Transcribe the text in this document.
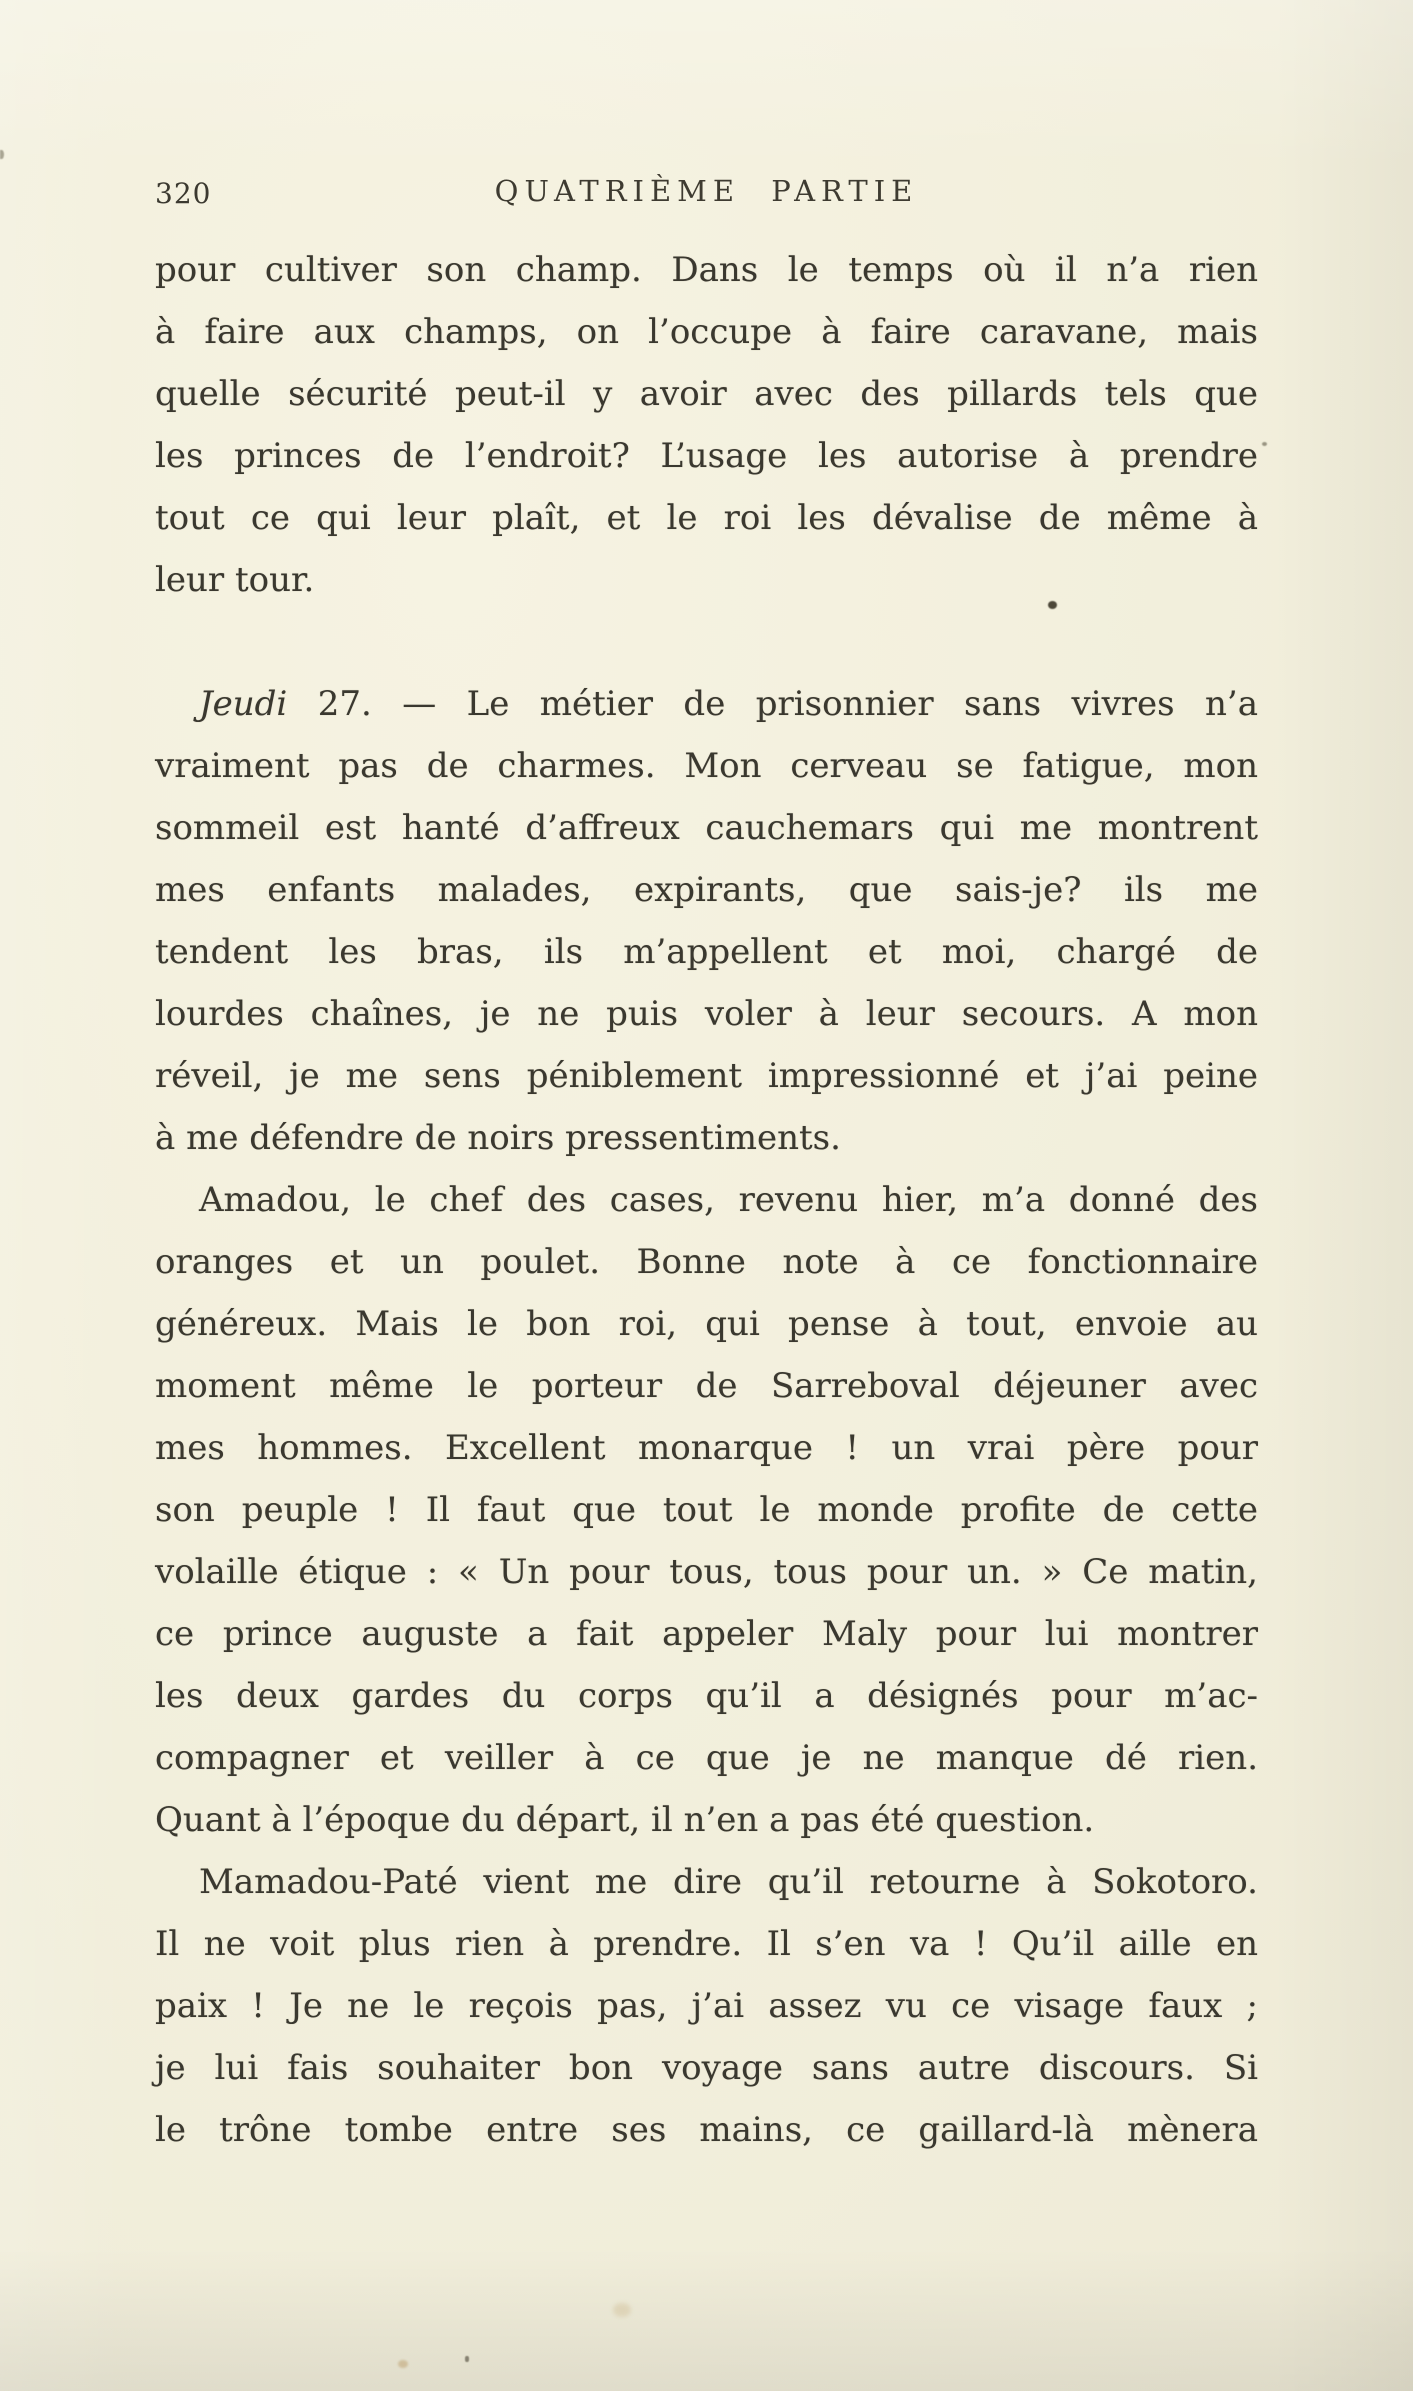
320	QUATRIÈME PARTIE
pour cultiver son champ. Dans le temps où il n’a rien
à faire aux champs, on l’occupe à faire caravane, mais
quelle sécurité peut-il y avoir avec des pillards tels que
les princes de l’endroit? L’usage les autorise à prendre
tout ce qui leur plaît, et le roi les dévalise de même à
leur tour.
Jeudi 27. — Le métier de prisonnier sans vivres n’a
vraiment pas de charmes. Mon cerveau se fatigue, mon
sommeil est hanté d’affreux cauchemars qui me montrent
mes enfants malades, expirants, que sais-je? ils me
tendent les bras, ils m’appellent et moi, chargé de
lourdes chaînes, je ne puis voler à leur secours. A mon
réveil, je me sens péniblement impressionné et j’ai peine
à me défendre de noirs pressentiments.
Amadou, le chef des cases, revenu hier, m’a donné des
oranges et un poulet. Bonne note à ce fonctionnaire
généreux. Mais le bon roi, qui pense à tout, envoie au
moment même le porteur de Sarreboval déjeuner avec
mes hommes. Excellent monarque ! un vrai père pour
son peuple ! Il faut que tout le monde profite de cette
volaille étique : « Un pour tous, tous pour un. » Ce matin,
ce prince auguste a fait appeler Maly pour lui montrer
les deux gardes du corps qu’il a désignés pour m’ac-
compagner et veiller à ce que je ne manque dé rien.
Quant à l’époque du départ, il n’en a pas été question.
Mamadou-Paté vient me dire qu’il retourne à Sokotoro.
Il ne voit plus rien à prendre. Il s’en va ! Qu’il aille en
paix ! Je ne le reçois pas, j’ai assez vu ce visage faux ;
je lui fais souhaiter bon voyage sans autre discours. Si
le trône tombe entre ses mains, ce gaillard-là mènera
